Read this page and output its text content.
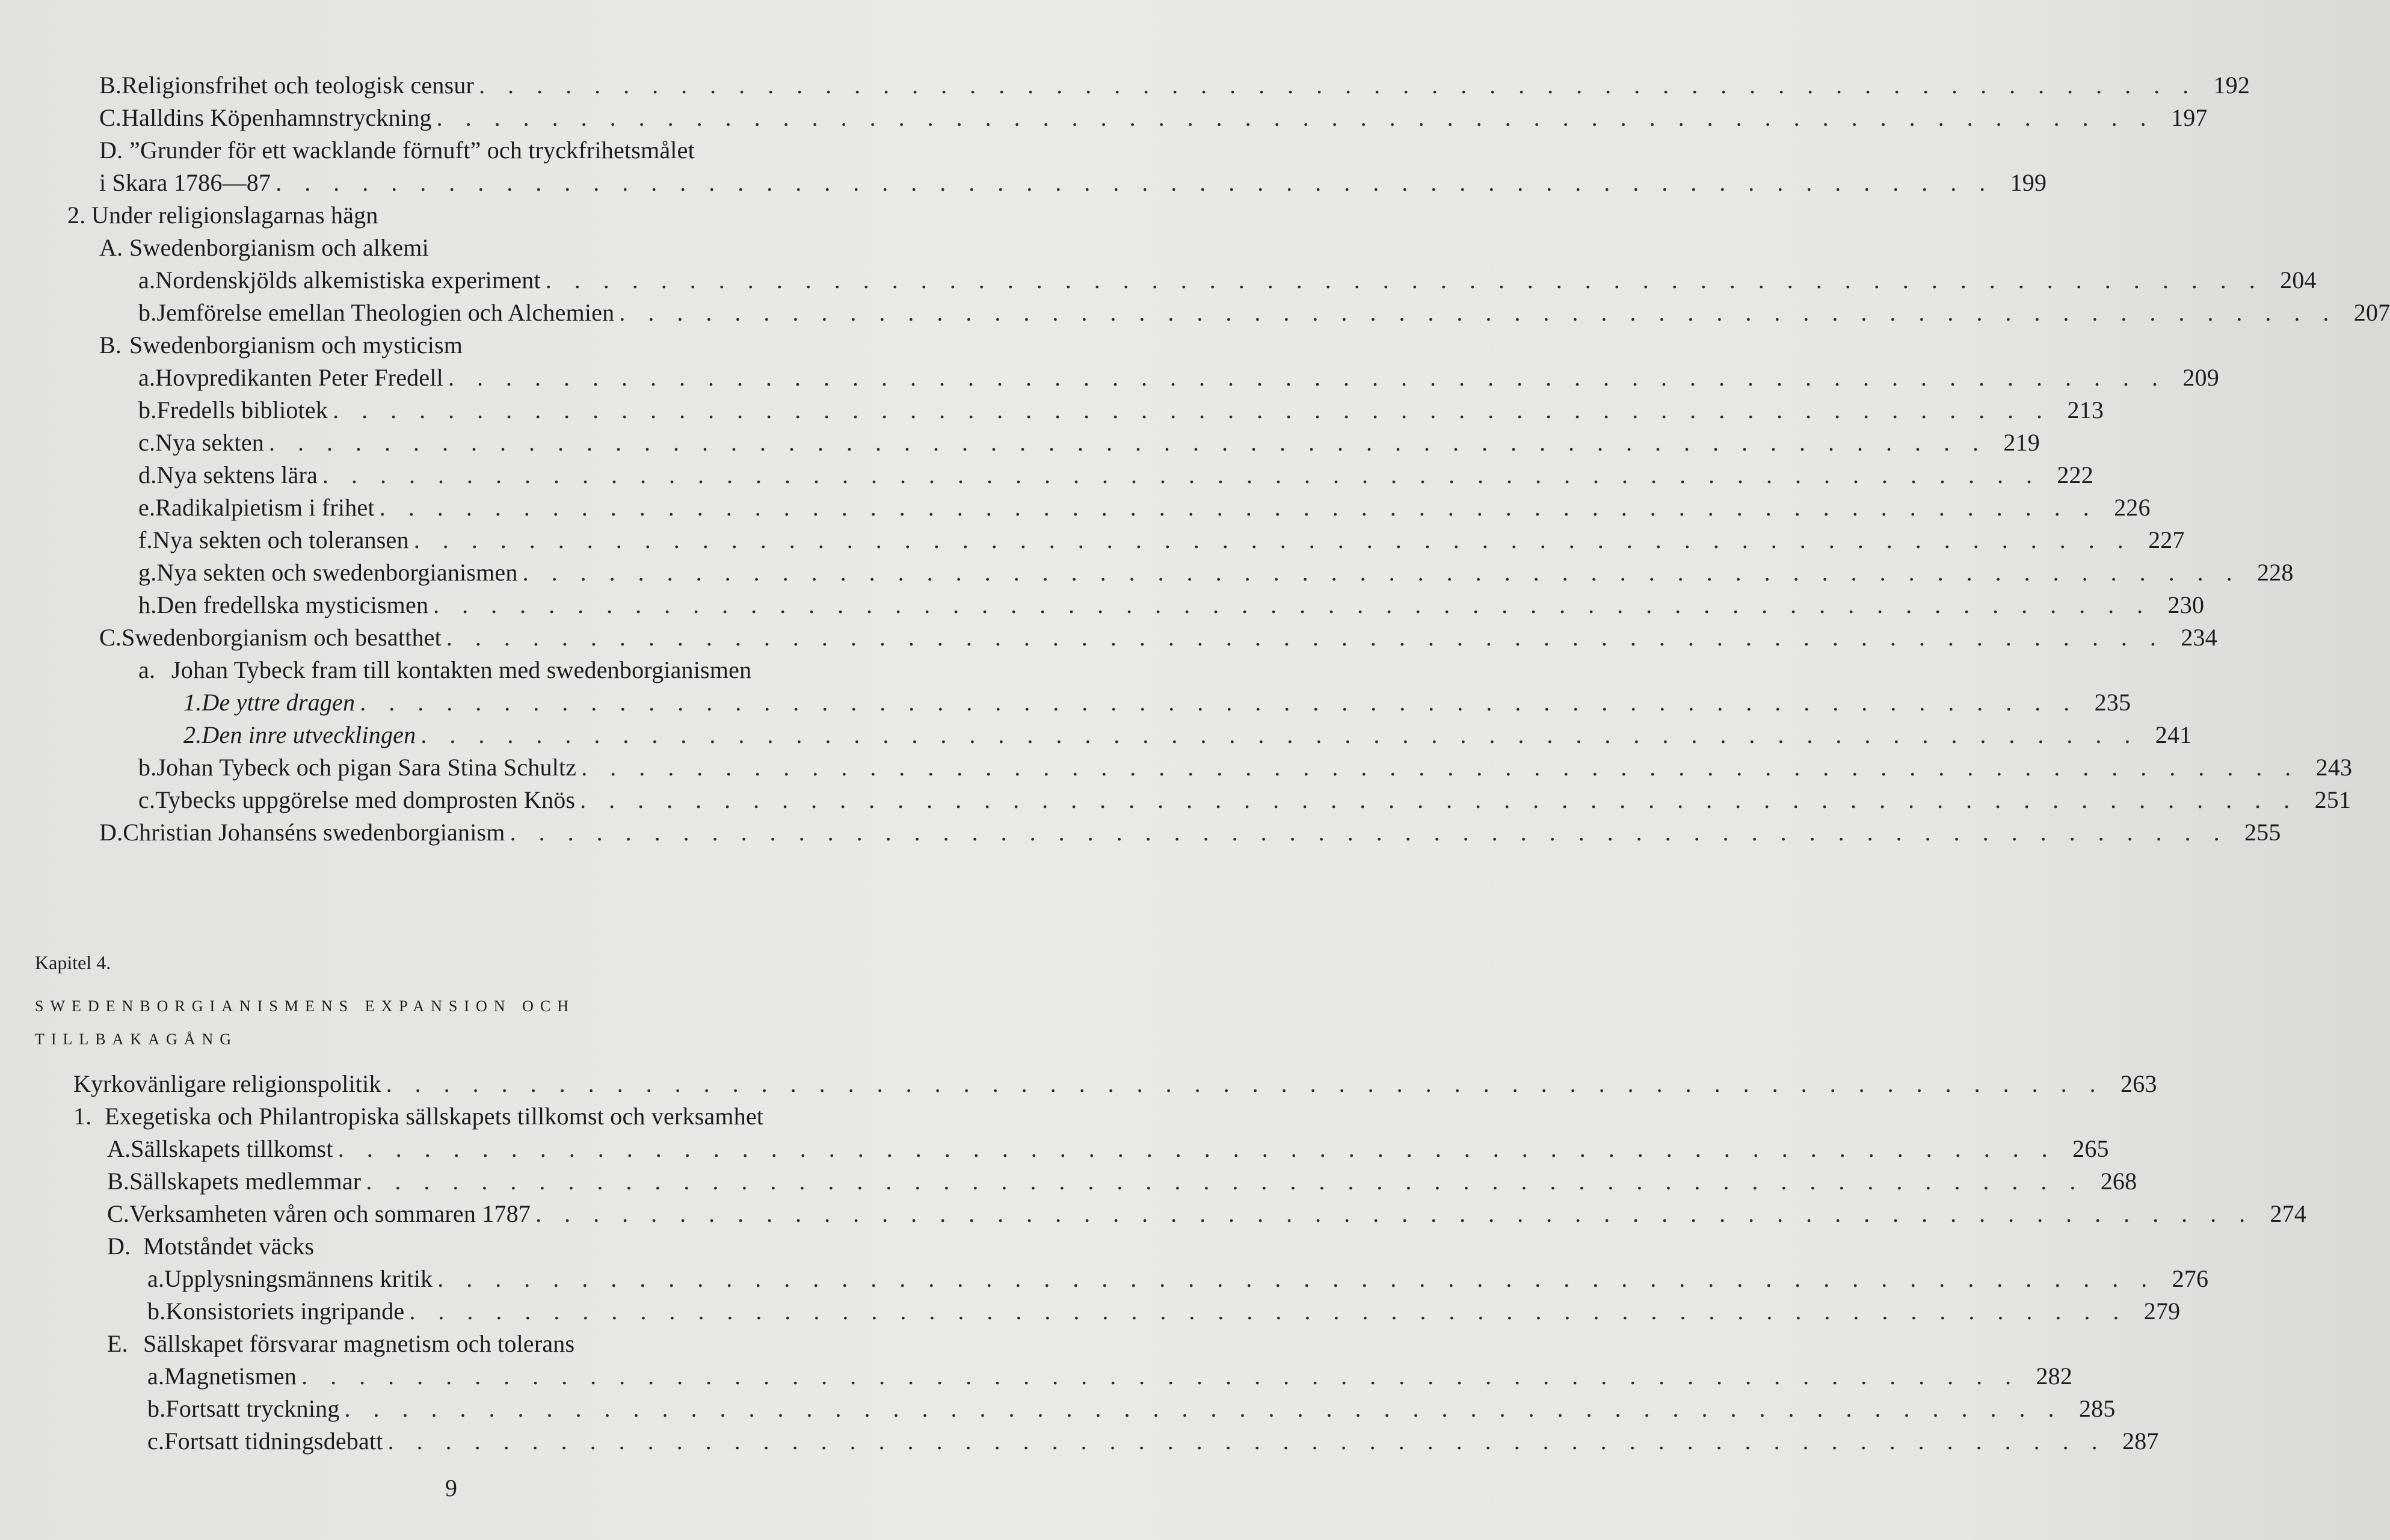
B. Religionsfrihet och teologisk censur . . . . . . . . . . . . . . . . . . . . . . . . . . . . . . . . . . . . . . . . . . . . . . . . . . . . . . . . . . . . 192
C. Halldins Köpenhamnstryckning . . . . . . . . . . . . . . . . . . . . . . . . . . . . . . . . . . . . . . . . . . . . . . . . . . . . . . . . . . . . 197
D. ”Grunder för ett wacklande förnuft” och tryckfrihetsmålet
i Skara 1786—87 . . . . . . . . . . . . . . . . . . . . . . . . . . . . . . . . . . . . . . . . . . . . . . . . . . . . . . . . . . . . 199
2. Under religionslagarnas hägn
A. Swedenborgianism och alkemi
a. Nordenskjölds alkemistiska experiment . . . . . . . . . . . . . . . . . . . . . . . . . . . . . . . . . . . . . . . . . . . . . . . . . . . . . . . . . . . . 204
b. Jemförelse emellan Theologien och Alchemien . . . . . . . . . . . . . . . . . . . . . . . . . . . . . . . . . . . . . . . . . . . . . . . . . . . . . . . . . . . . 207
B. Swedenborgianism och mysticism
a. Hovpredikanten Peter Fredell . . . . . . . . . . . . . . . . . . . . . . . . . . . . . . . . . . . . . . . . . . . . . . . . . . . . . . . . . . . . 209
b. Fredells bibliotek . . . . . . . . . . . . . . . . . . . . . . . . . . . . . . . . . . . . . . . . . . . . . . . . . . . . . . . . . . . . 213
c. Nya sekten . . . . . . . . . . . . . . . . . . . . . . . . . . . . . . . . . . . . . . . . . . . . . . . . . . . . . . . . . . . . 219
d. Nya sektens lära . . . . . . . . . . . . . . . . . . . . . . . . . . . . . . . . . . . . . . . . . . . . . . . . . . . . . . . . . . . . 222
e. Radikalpietism i frihet . . . . . . . . . . . . . . . . . . . . . . . . . . . . . . . . . . . . . . . . . . . . . . . . . . . . . . . . . . . . 226
f. Nya sekten och toleransen . . . . . . . . . . . . . . . . . . . . . . . . . . . . . . . . . . . . . . . . . . . . . . . . . . . . . . . . . . . . 227
g. Nya sekten och swedenborgianismen . . . . . . . . . . . . . . . . . . . . . . . . . . . . . . . . . . . . . . . . . . . . . . . . . . . . . . . . . . . . 228
h. Den fredellska mysticismen . . . . . . . . . . . . . . . . . . . . . . . . . . . . . . . . . . . . . . . . . . . . . . . . . . . . . . . . . . . . 230
C. Swedenborgianism och besatthet . . . . . . . . . . . . . . . . . . . . . . . . . . . . . . . . . . . . . . . . . . . . . . . . . . . . . . . . . . . . 234
a. Johan Tybeck fram till kontakten med swedenborgianismen
1. De yttre dragen . . . . . . . . . . . . . . . . . . . . . . . . . . . . . . . . . . . . . . . . . . . . . . . . . . . . . . . . . . . . 235
2. Den inre utvecklingen . . . . . . . . . . . . . . . . . . . . . . . . . . . . . . . . . . . . . . . . . . . . . . . . . . . . . . . . . . . . 241
b. Johan Tybeck och pigan Sara Stina Schultz . . . . . . . . . . . . . . . . . . . . . . . . . . . . . . . . . . . . . . . . . . . . . . . . . . . . . . . . . . . . 243
c. Tybecks uppgörelse med domprosten Knös . . . . . . . . . . . . . . . . . . . . . . . . . . . . . . . . . . . . . . . . . . . . . . . . . . . . . . . . . . . . 251
D. Christian Johanséns swedenborgianism . . . . . . . . . . . . . . . . . . . . . . . . . . . . . . . . . . . . . . . . . . . . . . . . . . . . . . . . . . . . 255
Kyrkovänligare religionspolitik . . . . . . . . . . . . . . . . . . . . . . . . . . . . . . . . . . . . . . . . . . . . . . . . . . . . . . . . . . . . 263
1. Exegetiska och Philantropiska sällskapets tillkomst och verksamhet
A. Sällskapets tillkomst . . . . . . . . . . . . . . . . . . . . . . . . . . . . . . . . . . . . . . . . . . . . . . . . . . . . . . . . . . . . 265
B. Sällskapets medlemmar . . . . . . . . . . . . . . . . . . . . . . . . . . . . . . . . . . . . . . . . . . . . . . . . . . . . . . . . . . . . 268
C. Verksamheten våren och sommaren 1787 . . . . . . . . . . . . . . . . . . . . . . . . . . . . . . . . . . . . . . . . . . . . . . . . . . . . . . . . . . . . 274
D. Motståndet väcks
a. Upplysningsmännens kritik . . . . . . . . . . . . . . . . . . . . . . . . . . . . . . . . . . . . . . . . . . . . . . . . . . . . . . . . . . . . 276
b. Konsistoriets ingripande . . . . . . . . . . . . . . . . . . . . . . . . . . . . . . . . . . . . . . . . . . . . . . . . . . . . . . . . . . . . 279
E. Sällskapet försvarar magnetism och tolerans
a. Magnetismen . . . . . . . . . . . . . . . . . . . . . . . . . . . . . . . . . . . . . . . . . . . . . . . . . . . . . . . . . . . . 282
b. Fortsatt tryckning . . . . . . . . . . . . . . . . . . . . . . . . . . . . . . . . . . . . . . . . . . . . . . . . . . . . . . . . . . . . 285
c. Fortsatt tidningsdebatt . . . . . . . . . . . . . . . . . . . . . . . . . . . . . . . . . . . . . . . . . . . . . . . . . . . . . . . . . . . . 287
Kapitel 4.
SWEDENBORGIANISMENS EXPANSION OCH
TILLBAKAGÅNG
9
